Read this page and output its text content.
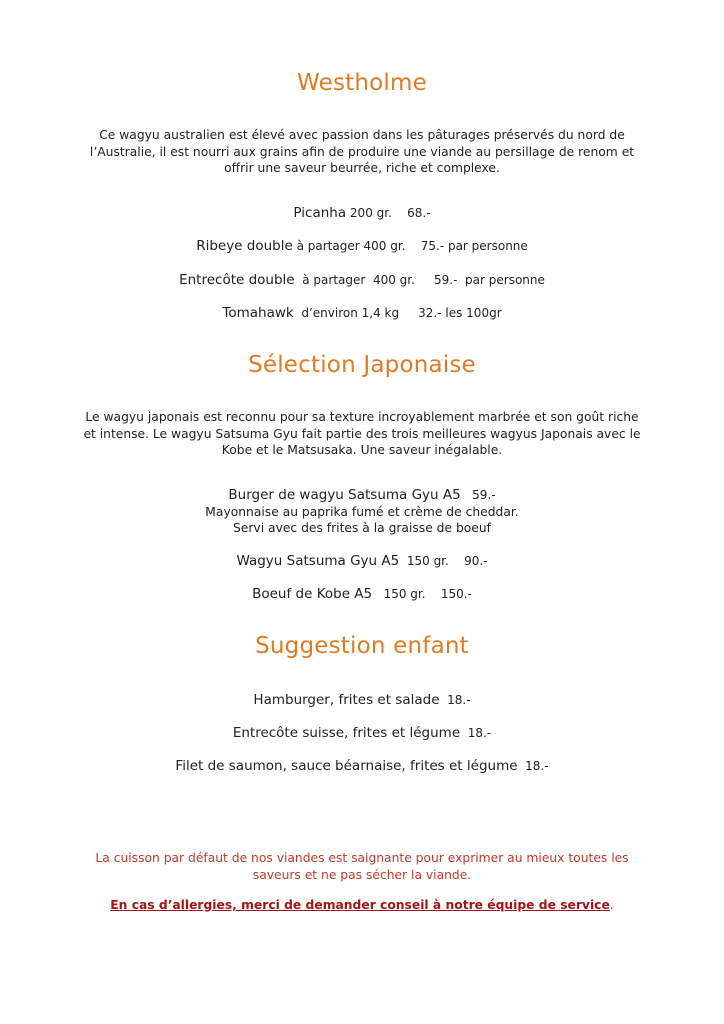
Westholme
Ce wagyu australien est élevé avec passion dans les pâturages préservés du nord de
l’Australie, il est nourri aux grains afin de produire une viande au persillage de renom et
offrir une saveur beurrée, riche et complexe.
Picanha 200 gr.    68.-
Ribeye double à partager 400 gr.    75.- par personne
Entrecôte double  à partager  400 gr.     59.-  par personne
Tomahawk  d’environ 1,4 kg     32.- les 100gr
Sélection Japonaise
Le wagyu japonais est reconnu pour sa texture incroyablement marbrée et son goût riche
et intense. Le wagyu Satsuma Gyu fait partie des trois meilleures wagyus Japonais avec le
Kobe et le Matsusaka. Une saveur inégalable.
Burger de wagyu Satsuma Gyu A5   59.-
Mayonnaise au paprika fumé et crème de cheddar.
Servi avec des frites à la graisse de boeuf
Wagyu Satsuma Gyu A5  150 gr.    90.-
Boeuf de Kobe A5   150 gr.    150.-
Suggestion enfant
Hamburger, frites et salade  18.-
Entrecôte suisse, frites et légume  18.-
Filet de saumon, sauce béarnaise, frites et légume  18.-
La cuisson par défaut de nos viandes est saignante pour exprimer au mieux toutes les
saveurs et ne pas sécher la viande.
En cas d’allergies, merci de demander conseil à notre équipe de service.
